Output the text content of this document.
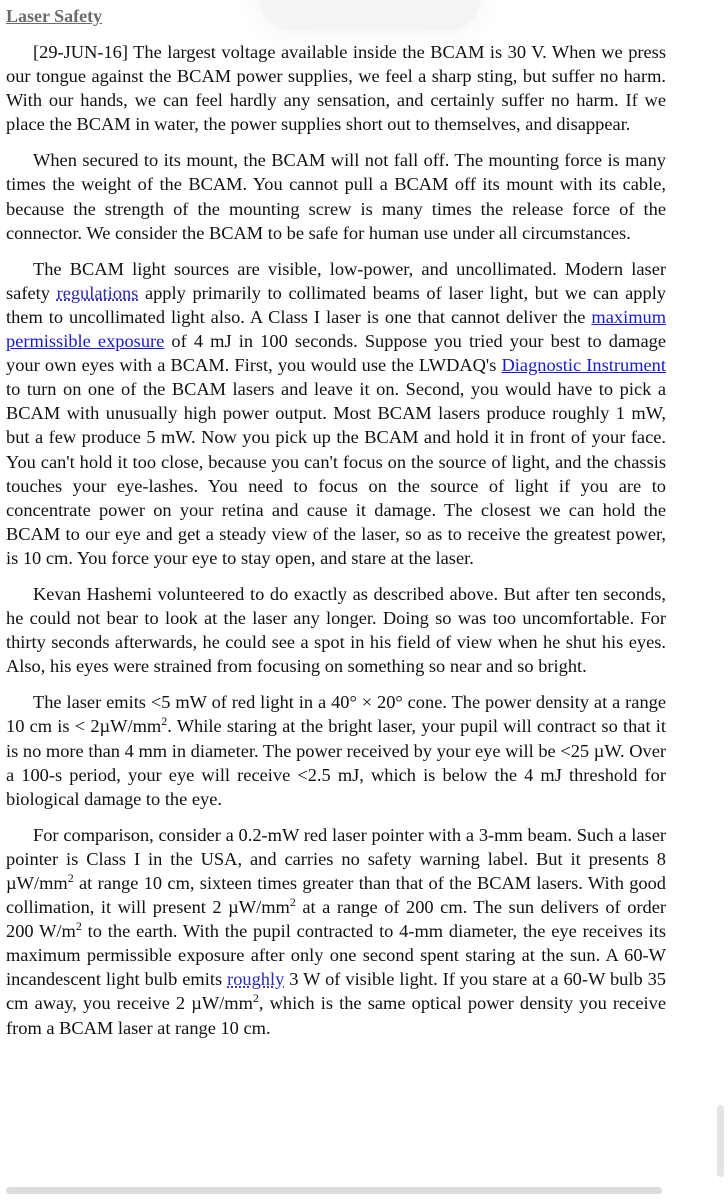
Laser Safety

[29-JUN-16] The largest voltage available inside the BCAM is 30 V. When we press our tongue against the BCAM power supplies, we feel a sharp sting, but suffer no harm. With our hands, we can feel hardly any sensation, and certainly suffer no harm. If we place the BCAM in water, the power supplies short out to themselves, and disappear.

When secured to its mount, the BCAM will not fall off. The mounting force is many times the weight of the BCAM. You cannot pull a BCAM off its mount with its cable, because the strength of the mounting screw is many times the release force of the connector. We consider the BCAM to be safe for human use under all circumstances.

The BCAM light sources are visible, low-power, and uncollimated. Modern laser safety regulations apply primarily to collimated beams of laser light, but we can apply them to uncollimated light also. A Class I laser is one that cannot deliver the maximum permissible exposure of 4 mJ in 100 seconds. Suppose you tried your best to damage your own eyes with a BCAM. First, you would use the LWDAQ's Diagnostic Instrument to turn on one of the BCAM lasers and leave it on. Second, you would have to pick a BCAM with unusually high power output. Most BCAM lasers produce roughly 1 mW, but a few produce 5 mW. Now you pick up the BCAM and hold it in front of your face. You can't hold it too close, because you can't focus on the source of light, and the chassis touches your eye-lashes. You need to focus on the source of light if you are to concentrate power on your retina and cause it damage. The closest we can hold the BCAM to our eye and get a steady view of the laser, so as to receive the greatest power, is 10 cm. You force your eye to stay open, and stare at the laser.

Kevan Hashemi volunteered to do exactly as described above. But after ten seconds, he could not bear to look at the laser any longer. Doing so was too uncomfortable. For thirty seconds afterwards, he could see a spot in his field of view when he shut his eyes. Also, his eyes were strained from focusing on something so near and so bright.

The laser emits <5 mW of red light in a 40° × 20° cone. The power density at a range 10 cm is < $2\mu W/mm^2$. While staring at the bright laser, your pupil will contract so that it is no more than 4 mm in diameter. The power received by your eye will be <25 µW. Over a 100-s period, your eye will receive <2.5 mJ, which is below the 4 mJ threshold for biological damage to the eye.

For comparison, consider a 0.2-mW red laser pointer with a 3-mm beam. Such a laser pointer is Class I in the USA, and carries no safety warning label. But it presents 8 $\mu W/mm^2$ at range 10 cm, sixteen times greater than that of the BCAM lasers. With good collimation, it will present 2 $\mu W/mm^2$ at a range of 200 cm. The sun delivers of order 200 $W/m^2$ to the earth. With the pupil contracted to 4-mm diameter, the eye receives its maximum permissible exposure after only one second spent staring at the sun. A 60-W incandescent light bulb emits roughly 3 W of visible light. If you stare at a 60-W bulb 35 cm away, you receive 2 $\mu W/mm^2$, which is the same optical power density you receive from a BCAM laser at range 10 cm.
